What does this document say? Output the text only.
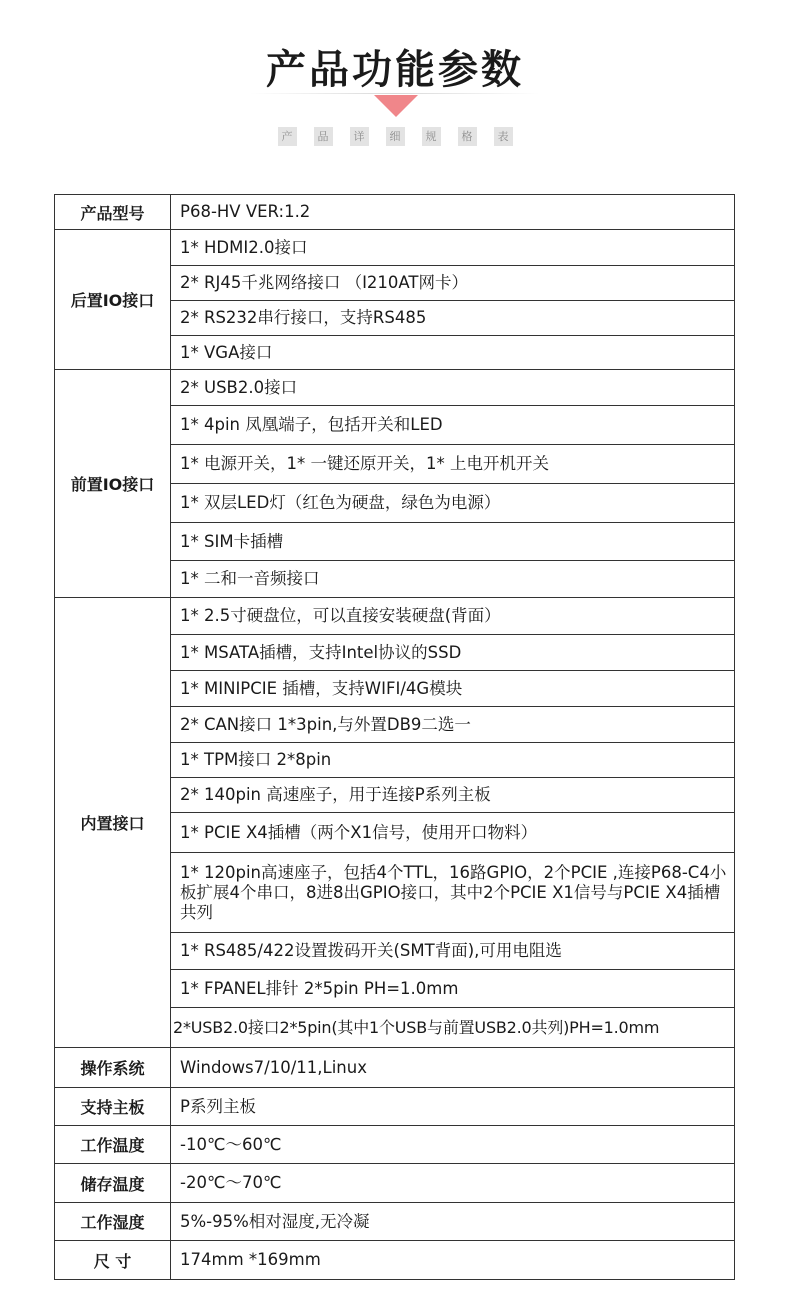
产品功能参数
产	品	详	细	规	格	表
产品型号	P68-HV VER:1.2
后置IO接口	1* HDMI2.0接口
	2* RJ45千兆网络接口 （I210AT网卡）
	2* RS232串行接口，支持RS485
	1* VGA接口
前置IO接口	2* USB2.0接口
	1* 4pin 凤凰端子，包括开关和LED
	1* 电源开关，1* 一键还原开关，1* 上电开机开关
	1* 双层LED灯（红色为硬盘，绿色为电源）
	1* SIM卡插槽
	1* 二和一音频接口
内置接口	1* 2.5寸硬盘位，可以直接安装硬盘(背面）
	1* MSATA插槽，支持Intel协议的SSD
	1* MINIPCIE 插槽，支持WIFI/4G模块
	2* CAN接口 1*3pin,与外置DB9二选一
	1* TPM接口 2*8pin
	2* 140pin 高速座子，用于连接P系列主板
	1* PCIE X4插槽（两个X1信号，使用开口物料）
	1* 120pin高速座子，包括4个TTL，16路GPIO，2个PCIE ,连接P68-C4小板扩展4个串口，8进8出GPIO接口，其中2个PCIE X1信号与PCIE X4插槽共列
	1* RS485/422设置拨码开关(SMT背面),可用电阻选
	1* FPANEL排针 2*5pin PH=1.0mm
	2*USB2.0接口2*5pin(其中1个USB与前置USB2.0共列)PH=1.0mm
操作系统	Windows7/10/11,Linux
支持主板	P系列主板
工作温度	-10℃～60℃
储存温度	-20℃～70℃
工作湿度	5%-95%相对湿度,无冷凝
尺 寸	174mm *169mm
